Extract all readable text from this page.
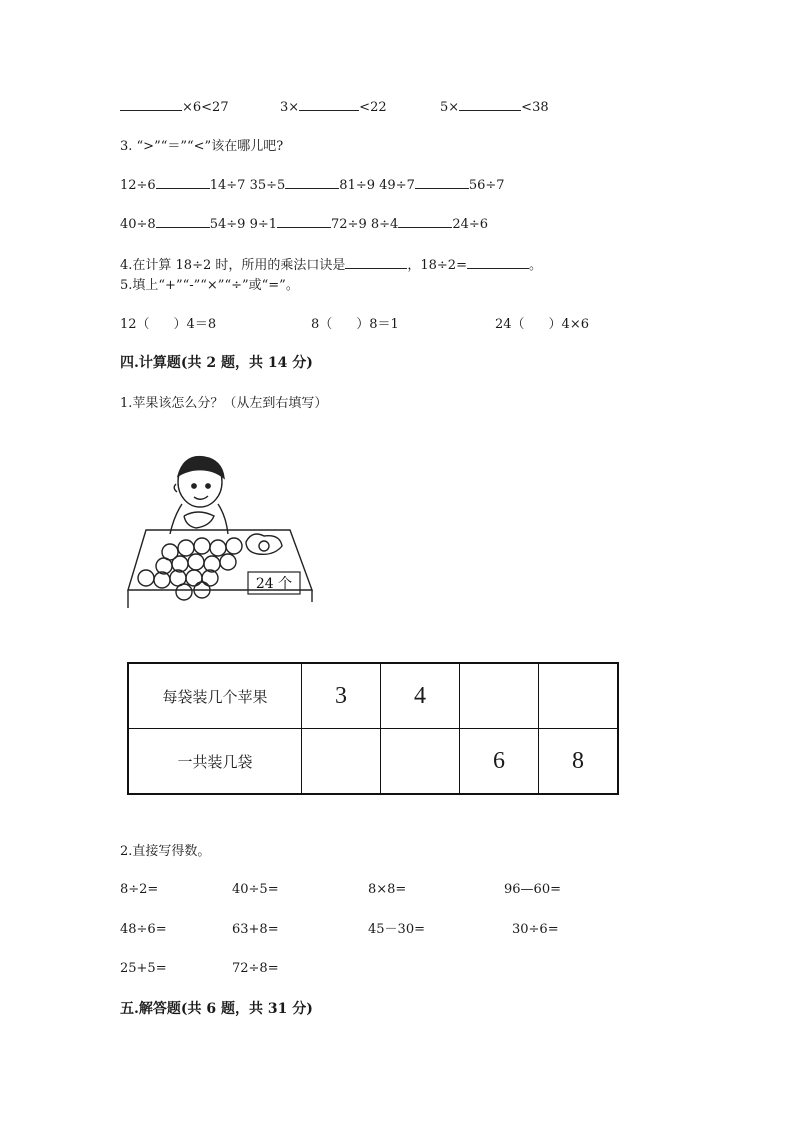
×6<27	3×	<22	5×	<38
3. “>”“＝”“<”该在哪儿吧?
12÷6	14÷7 35÷5	81÷9 49÷7	56÷7
40÷8	54÷9 9÷1	72÷9 8÷4	24÷6
4.在计算 18÷2 时，所用的乘法口诀是	，18÷2=	。
5.填上“+”“-”“×”“÷”或“=”。
12（ ）4＝8	8（ ）8＝1	24（ ）4×6
四.计算题(共 2 题，共 14 分)
1.苹果该怎么分？（从左到右填写）
24 个
每袋装几个苹果	3	4		
一共装几袋			6	8
2.直接写得数。
8÷2=	40÷5=	8×8=	96—60=
48÷6=	63+8=	45－30=	30÷6=
25+5=	72÷8=
五.解答题(共 6 题，共 31 分)
